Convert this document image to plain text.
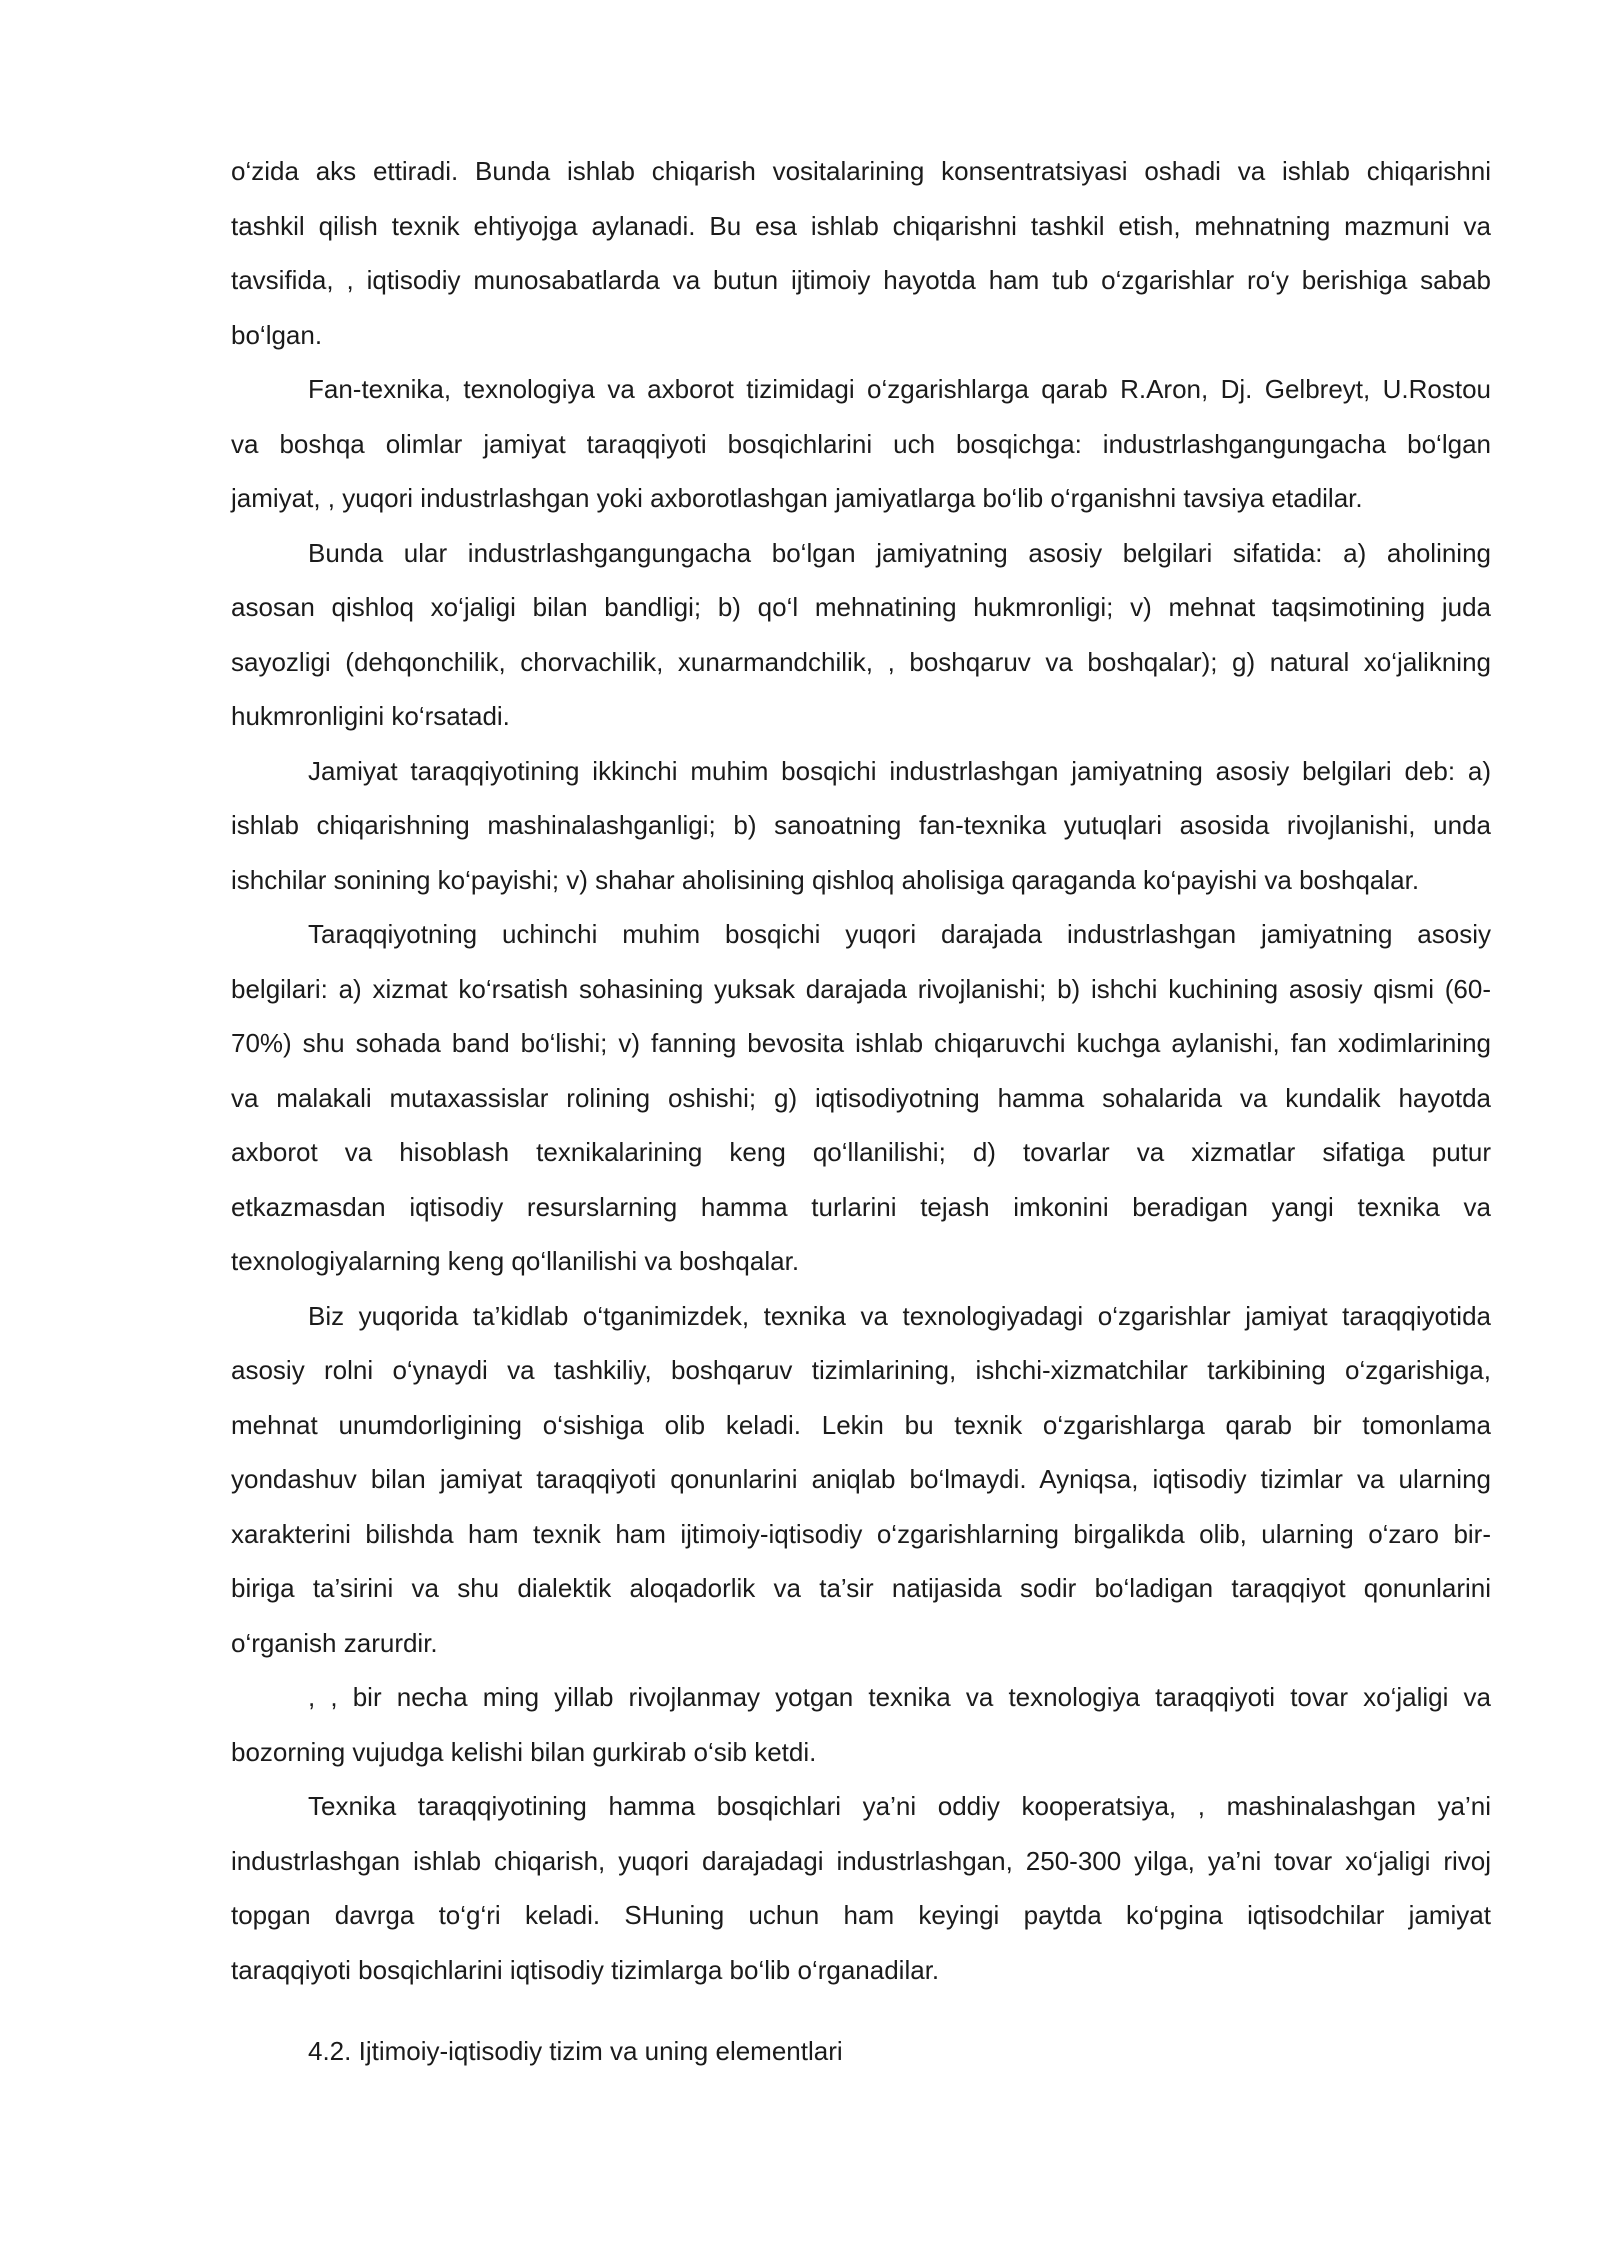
o‘zida aks ettiradi. Bunda ishlab chiqarish vositalarining konsentratsiyasi oshadi va ishlab chiqarishni
tashkil qilish texnik ehtiyojga aylanadi. Bu esa ishlab chiqarishni tashkil etish, mehnatning mazmuni va
tavsifida, , iqtisodiy munosabatlarda va butun ijtimoiy hayotda ham tub o‘zgarishlar ro‘y berishiga sabab
bo‘lgan.
Fan-texnika, texnologiya va axborot tizimidagi o‘zgarishlarga qarab R.Aron, Dj. Gelbreyt, U.Rostou
va boshqa olimlar jamiyat taraqqiyoti bosqichlarini uch bosqichga: industrlashgangungacha bo‘lgan
jamiyat, , yuqori industrlashgan yoki axborotlashgan jamiyatlarga bo‘lib o‘rganishni tavsiya etadilar.
Bunda ular industrlashgangungacha bo‘lgan jamiyatning asosiy belgilari sifatida: a) aholining
asosan qishloq xo‘jaligi bilan bandligi; b) qo‘l mehnatining hukmronligi; v) mehnat taqsimotining juda
sayozligi (dehqonchilik, chorvachilik, xunarmandchilik, , boshqaruv va boshqalar); g) natural xo‘jalikning
hukmronligini ko‘rsatadi.
Jamiyat taraqqiyotining ikkinchi muhim bosqichi industrlashgan jamiyatning asosiy belgilari deb: a)
ishlab chiqarishning mashinalashganligi; b) sanoatning fan-texnika yutuqlari asosida rivojlanishi, unda
ishchilar sonining ko‘payishi; v) shahar aholisining qishloq aholisiga qaraganda ko‘payishi va boshqalar.
Taraqqiyotning uchinchi muhim bosqichi yuqori darajada industrlashgan jamiyatning asosiy
belgilari: a) xizmat ko‘rsatish sohasining yuksak darajada rivojlanishi; b) ishchi kuchining asosiy qismi (60-
70%) shu sohada band bo‘lishi; v) fanning bevosita ishlab chiqaruvchi kuchga aylanishi, fan xodimlarining
va malakali mutaxassislar rolining oshishi; g) iqtisodiyotning hamma sohalarida va kundalik hayotda
axborot va hisoblash texnikalarining keng qo‘llanilishi; d) tovarlar va xizmatlar sifatiga putur
etkazmasdan iqtisodiy resurslarning hamma turlarini tejash imkonini beradigan yangi texnika va
texnologiyalarning keng qo‘llanilishi va boshqalar.
Biz yuqorida ta’kidlab o‘tganimizdek, texnika va texnologiyadagi o‘zgarishlar jamiyat taraqqiyotida
asosiy rolni o‘ynaydi va tashkiliy, boshqaruv tizimlarining, ishchi-xizmatchilar tarkibining o‘zgarishiga,
mehnat unumdorligining o‘sishiga olib keladi. Lekin bu texnik o‘zgarishlarga qarab bir tomonlama
yondashuv bilan jamiyat taraqqiyoti qonunlarini aniqlab bo‘lmaydi. Ayniqsa, iqtisodiy tizimlar va ularning
xarakterini bilishda ham texnik ham ijtimoiy-iqtisodiy o‘zgarishlarning birgalikda olib, ularning o‘zaro bir-
biriga ta’sirini va shu dialektik aloqadorlik va ta’sir natijasida sodir bo‘ladigan taraqqiyot qonunlarini
o‘rganish zarurdir.
, , bir necha ming yillab rivojlanmay yotgan texnika va texnologiya taraqqiyoti tovar xo‘jaligi va
bozorning vujudga kelishi bilan gurkirab o‘sib ketdi.
Texnika taraqqiyotining hamma bosqichlari ya’ni oddiy kooperatsiya, , mashinalashgan ya’ni
industrlashgan ishlab chiqarish, yuqori darajadagi industrlashgan, 250-300 yilga, ya’ni tovar xo‘jaligi rivoj
topgan davrga to‘g‘ri keladi. SHuning uchun ham keyingi paytda ko‘pgina iqtisodchilar jamiyat
taraqqiyoti bosqichlarini iqtisodiy tizimlarga bo‘lib o‘rganadilar.
4.2. Ijtimoiy-iqtisodiy tizim va uning elementlari
